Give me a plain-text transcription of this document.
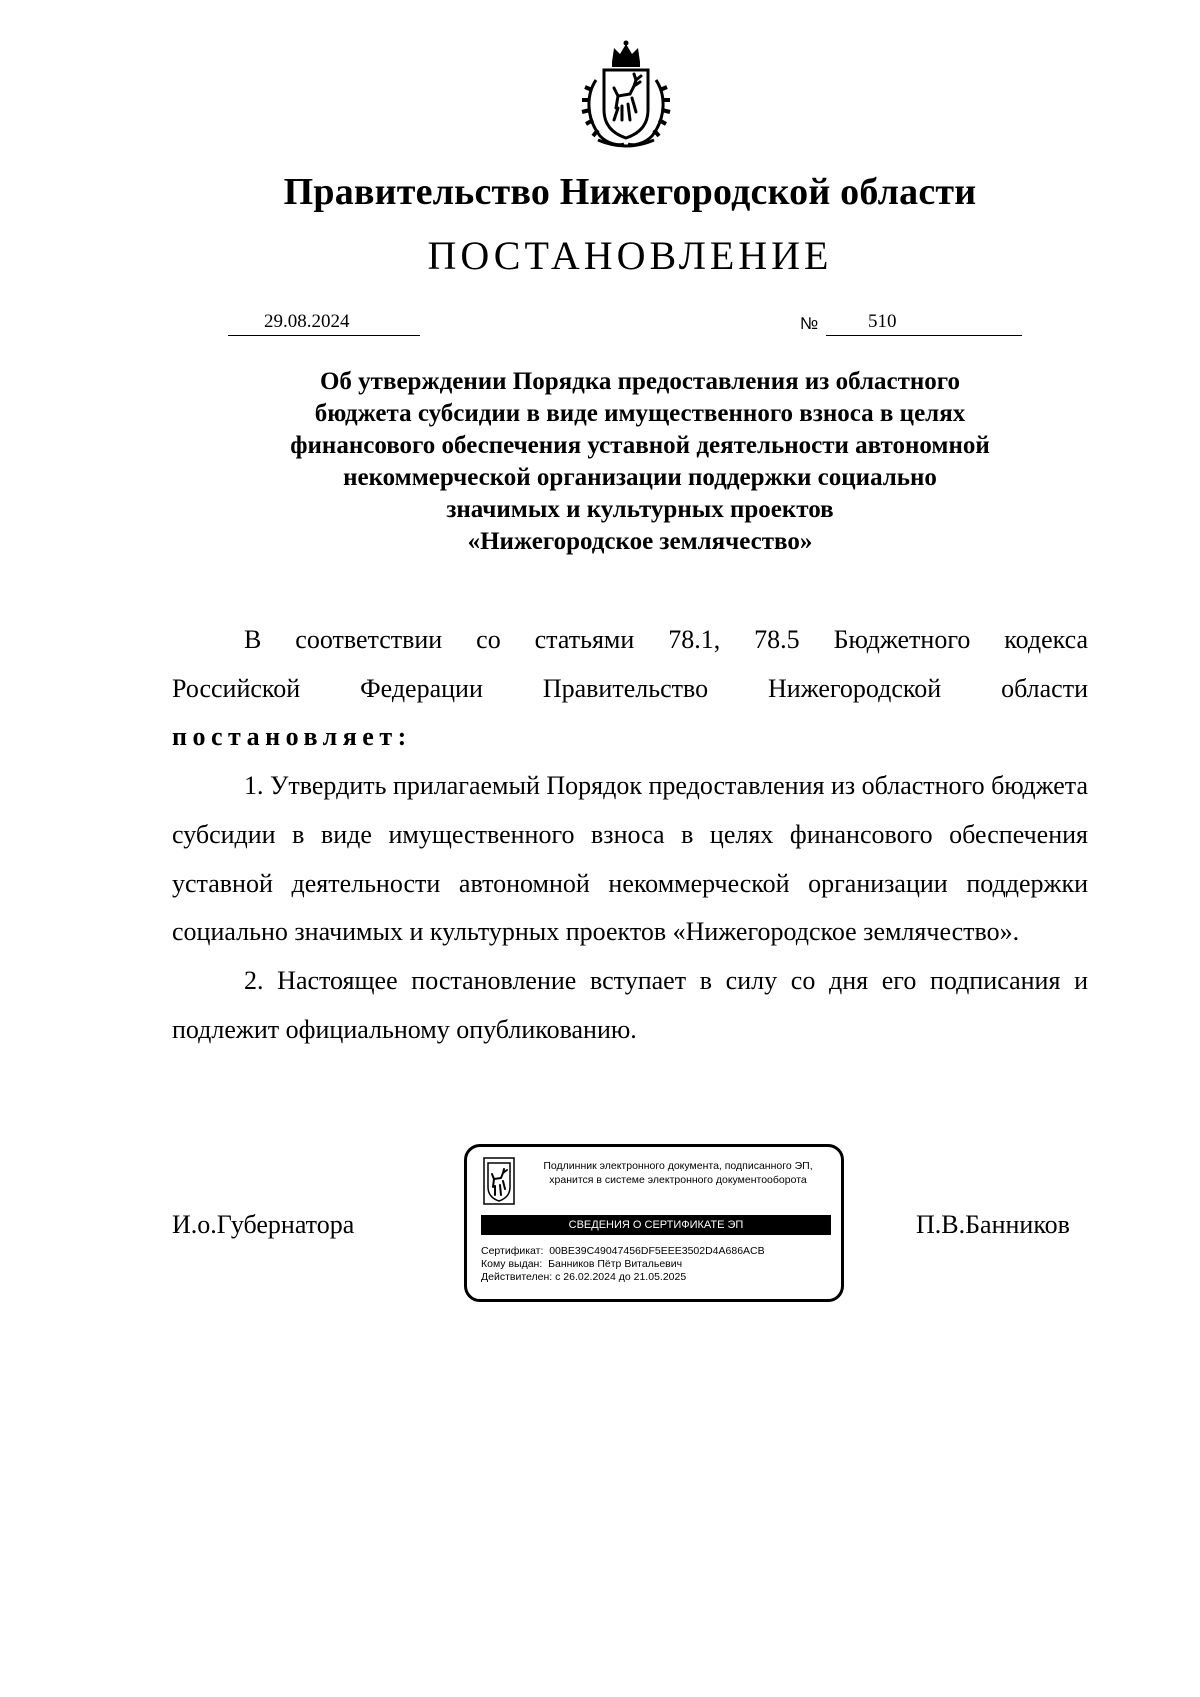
Правительство Нижегородской области
ПОСТАНОВЛЕНИЕ
29.08.2024	№	510
Об утверждении Порядка предоставления из областного
бюджета субсидии в виде имущественного взноса в целях
финансового обеспечения уставной деятельности автономной
некоммерческой организации поддержки социально
значимых и культурных проектов
«Нижегородское землячество»

В соответствии со статьями 78.1, 78.5 Бюджетного кодекса

Российской Федерации Правительство Нижегородской области

постановляет:

1. Утвердить прилагаемый Порядок предоставления из областного бюджета субсидии в виде имущественного взноса в целях финансового обеспечения уставной деятельности автономной некоммерческой организации поддержки социально значимых и культурных проектов «Нижегородское землячество».

2. Настоящее постановление вступает в силу со дня его подписания и подлежит официальному опубликованию.

И.о.Губернатора	П.В.Банников
Подлинник электронного документа, подписанного ЭП,
хранится в системе электронного документооборота
СВЕДЕНИЯ О СЕРТИФИКАТЕ ЭП
Сертификат: 00BE39C49047456DF5EEE3502D4A686ACB
Кому выдан: Банников Пётр Витальевич
Действителен: с 26.02.2024 до 21.05.2025
